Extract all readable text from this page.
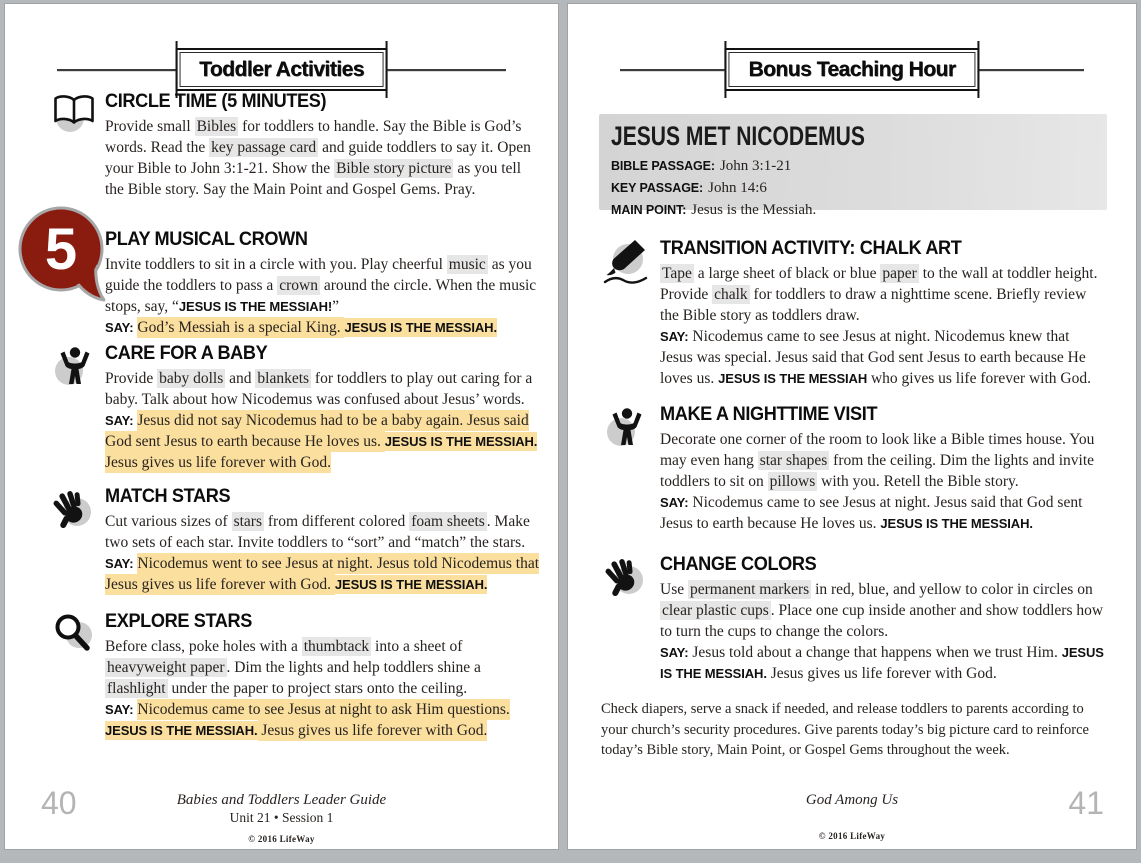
Toddler Activities
CIRCLE TIME (5 MINUTES)

Provide small Bibles for toddlers to handle. Say the Bible is God’s words. Read the key passage card and guide toddlers to say it. Open your Bible to John 3:1-21. Show the Bible story picture as you tell the Bible story. Say the Main Point and Gospel Gems. Pray.

5 PLAY MUSICAL CROWN

Invite toddlers to sit in a circle with you. Play cheerful music as you guide the toddlers to pass a crown around the circle. When the music stops, say, “JESUS IS THE MESSIAH!”

SAY: God’s Messiah is a special King. JESUS IS THE MESSIAH.

CARE FOR A BABY

Provide baby dolls and blankets for toddlers to play out caring for a baby. Talk about how Nicodemus was confused about Jesus’ words.

SAY: Jesus did not say Nicodemus had to be a baby again. Jesus said God sent Jesus to earth because He loves us. JESUS IS THE MESSIAH. Jesus gives us life forever with God.

MATCH STARS

Cut various sizes of stars from different colored foam sheets . Make two sets of each star. Invite toddlers to “sort” and “match” the stars.

SAY: Nicodemus went to see Jesus at night. Jesus told Nicodemus that Jesus gives us life forever with God. JESUS IS THE MESSIAH.

EXPLORE STARS

Before class, poke holes with a thumbtack into a sheet of heavyweight paper . Dim the lights and help toddlers shine a flashlight under the paper to project stars onto the ceiling.

SAY: Nicodemus came to see Jesus at night to ask Him questions. JESUS IS THE MESSIAH. Jesus gives us life forever with God.

40	Babies and Toddlers Leader Guide
Unit 21 • Session 1
© 2016 LifeWay
Bonus Teaching Hour
JESUS MET NICODEMUS
BIBLE PASSAGE: John 3:1-21
KEY PASSAGE: John 14:6
MAIN POINT: Jesus is the Messiah.
TRANSITION ACTIVITY: CHALK ART

Tape a large sheet of black or blue paper to the wall at toddler height. Provide chalk for toddlers to draw a nighttime scene. Briefly review the Bible story as toddlers draw.

SAY: Nicodemus came to see Jesus at night. Nicodemus knew that Jesus was special. Jesus said that God sent Jesus to earth because He loves us. JESUS IS THE MESSIAH who gives us life forever with God.

MAKE A NIGHTTIME VISIT

Decorate one corner of the room to look like a Bible times house. You may even hang star shapes from the ceiling. Dim the lights and invite toddlers to sit on pillows with you. Retell the Bible story.

SAY: Nicodemus came to see Jesus at night. Jesus said that God sent Jesus to earth because He loves us. JESUS IS THE MESSIAH.

CHANGE COLORS

Use permanent markers in red, blue, and yellow to color in circles on clear plastic cups . Place one cup inside another and show toddlers how to turn the cups to change the colors.

SAY: Jesus told about a change that happens when we trust Him. JESUS IS THE MESSIAH. Jesus gives us life forever with God.

Check diapers, serve a snack if needed, and release toddlers to parents according to your church’s security procedures. Give parents today’s big picture card to reinforce today’s Bible story, Main Point, or Gospel Gems throughout the week.

41
God Among Us
© 2016 LifeWay
